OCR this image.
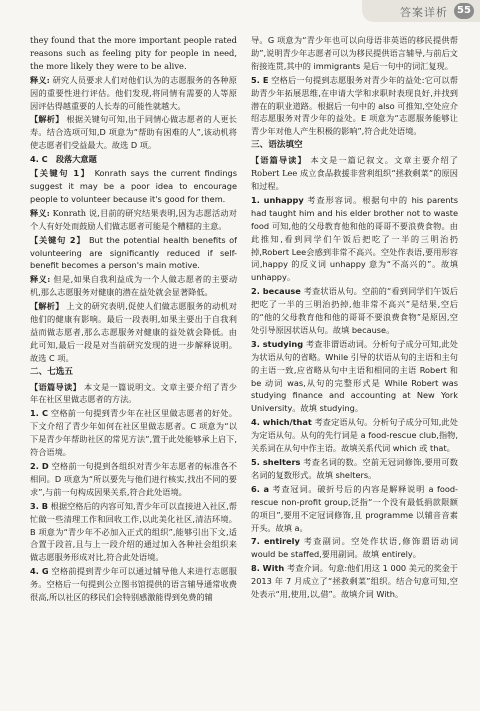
答案详析 55

they found that the more important people rated reasons such as feeling pity for people in need, the more likely they were to be alive.

释义: 研究人员要求人们对他们认为的志愿服务的各种原因的重要性进行评估。他们发现,将同情有需要的人等原因评估得越重要的人长寿的可能性就越大。

【解析】 根据关键句可知,出于同情心做志愿者的人更长寿。结合选项可知,D 项意为“帮助有困难的人”,该动机将使志愿者们受益最大。故选 D 项。

4. C　段落大意题

【关键句 1】 Konrath says the current findings suggest it may be a poor idea to encourage people to volunteer because it's good for them.

释义: Konrath 说,目前的研究结果表明,因为志愿活动对个人有好处而鼓励人们做志愿者可能是个糟糕的主意。

【关键句 2】 But the potential health benefits of volunteering are significantly reduced if self-benefit becomes a person's main motive.

释义: 但是,如果自我利益成为一个人做志愿者的主要动机,那么志愿服务对健康的潜在益处就会显著降低。

【解析】 上文的研究表明,促使人们做志愿服务的动机对他们的健康有影响。最后一段表明,如果主要出于自我利益而做志愿者,那么志愿服务对健康的益处就会降低。由此可知,最后一段是对当前研究发现的进一步解释说明。故选 C 项。

二、七选五

【语篇导读】 本文是一篇说明文。文章主要介绍了青少年在社区里做志愿者的方法。

1. C 空格前一句提到青少年在社区里做志愿者的好处。下文介绍了青少年如何在社区里做志愿者。C 项意为“以下是青少年帮助社区的常见方法”,置于此处能够承上启下,符合语境。

2. D 空格前一句提到各组织对青少年志愿者的标准各不相同。D 项意为“所以要先与他们进行核实,找出不同的要求”,与前一句构成因果关系,符合此处语境。

3. B 根据空格后的内容可知,青少年可以直接进入社区,帮忙做一些清理工作和回收工作,以此美化社区,清洁环境。B 项意为“青少年不必加入正式的组织”,能够引出下文,适合置于段首,且与上一段介绍的通过加入各种社会组织来做志愿服务形成对比,符合此处语境。

4. G 空格前提到青少年可以通过辅导他人来进行志愿服务。空格后一句提到公立图书馆提供的语言辅导通常收费很高,所以社区的移民们会特别感激能得到免费的辅

导。G 项意为“青少年也可以向母语非英语的移民提供帮助”,说明青少年志愿者可以为移民提供语言辅导,与前后文衔接连贯,其中的 immigrants 是后一句中的词汇复现。

5. E 空格后一句提到志愿服务对青少年的益处:它可以帮助青少年拓展思维,在申请大学和求职时表现良好,并找到潜在的职业道路。根据后一句中的 also 可推知,空处应介绍志愿服务对青少年的益处。E 项意为“志愿服务能够让青少年对他人产生积极的影响”,符合此处语境。

三、语法填空

【语篇导读】 本文是一篇记叙文。文章主要介绍了 Robert Lee 成立食品救援非营利组织“拯救剩菜”的原因和过程。

1. unhappy 考查形容词。根据句中的 his parents had taught him and his elder brother not to waste food 可知,他的父母教育他和他的哥哥不要浪费食物。由此推知,看到同学们午饭后把吃了一半的三明治扔掉,Robert Lee会感到非常不高兴。空处作表语,要用形容词,happy 的反义词 unhappy 意为“不高兴的”。故填 unhappy。

2. because 考查状语从句。空前的“看到同学们午饭后把吃了一半的三明治扔掉,他非常不高兴”是结果,空后的“他的父母教育他和他的哥哥不要浪费食物”是原因,空处引导原因状语从句。故填 because。

3. studying 考查非谓语动词。分析句子成分可知,此处为状语从句的省略。While 引导的状语从句的主语和主句的主语一致,应省略从句中主语和相同的主语 Robert 和 be 动词 was,从句的完整形式是 While Robert was studying finance and accounting at New York University。故填 studying。

4. which/that 考查定语从句。分析句子成分可知,此处为定语从句。从句的先行词是 a food-rescue club,指物,关系词在从句中作主语。故填关系代词 which 或 that。

5. shelters 考查名词的数。空前无冠词修饰,要用可数名词的复数形式。故填 shelters。

6. a 考查冠词。破折号后的内容是解释说明 a food-rescue non-profit group,泛指“一个没有最低捐款限额的项目”,要用不定冠词修饰,且 programme 以辅音音素开头。故填 a。

7. entirely 考查副词。空处作状语,修饰谓语动词 would be staffed,要用副词。故填 entirely。

8. With 考查介词。句意:他们用这 1 000 美元的奖金于 2013 年 7 月成立了“拯救剩菜”组织。结合句意可知,空处表示“用,使用,以,借”。故填介词 With。
